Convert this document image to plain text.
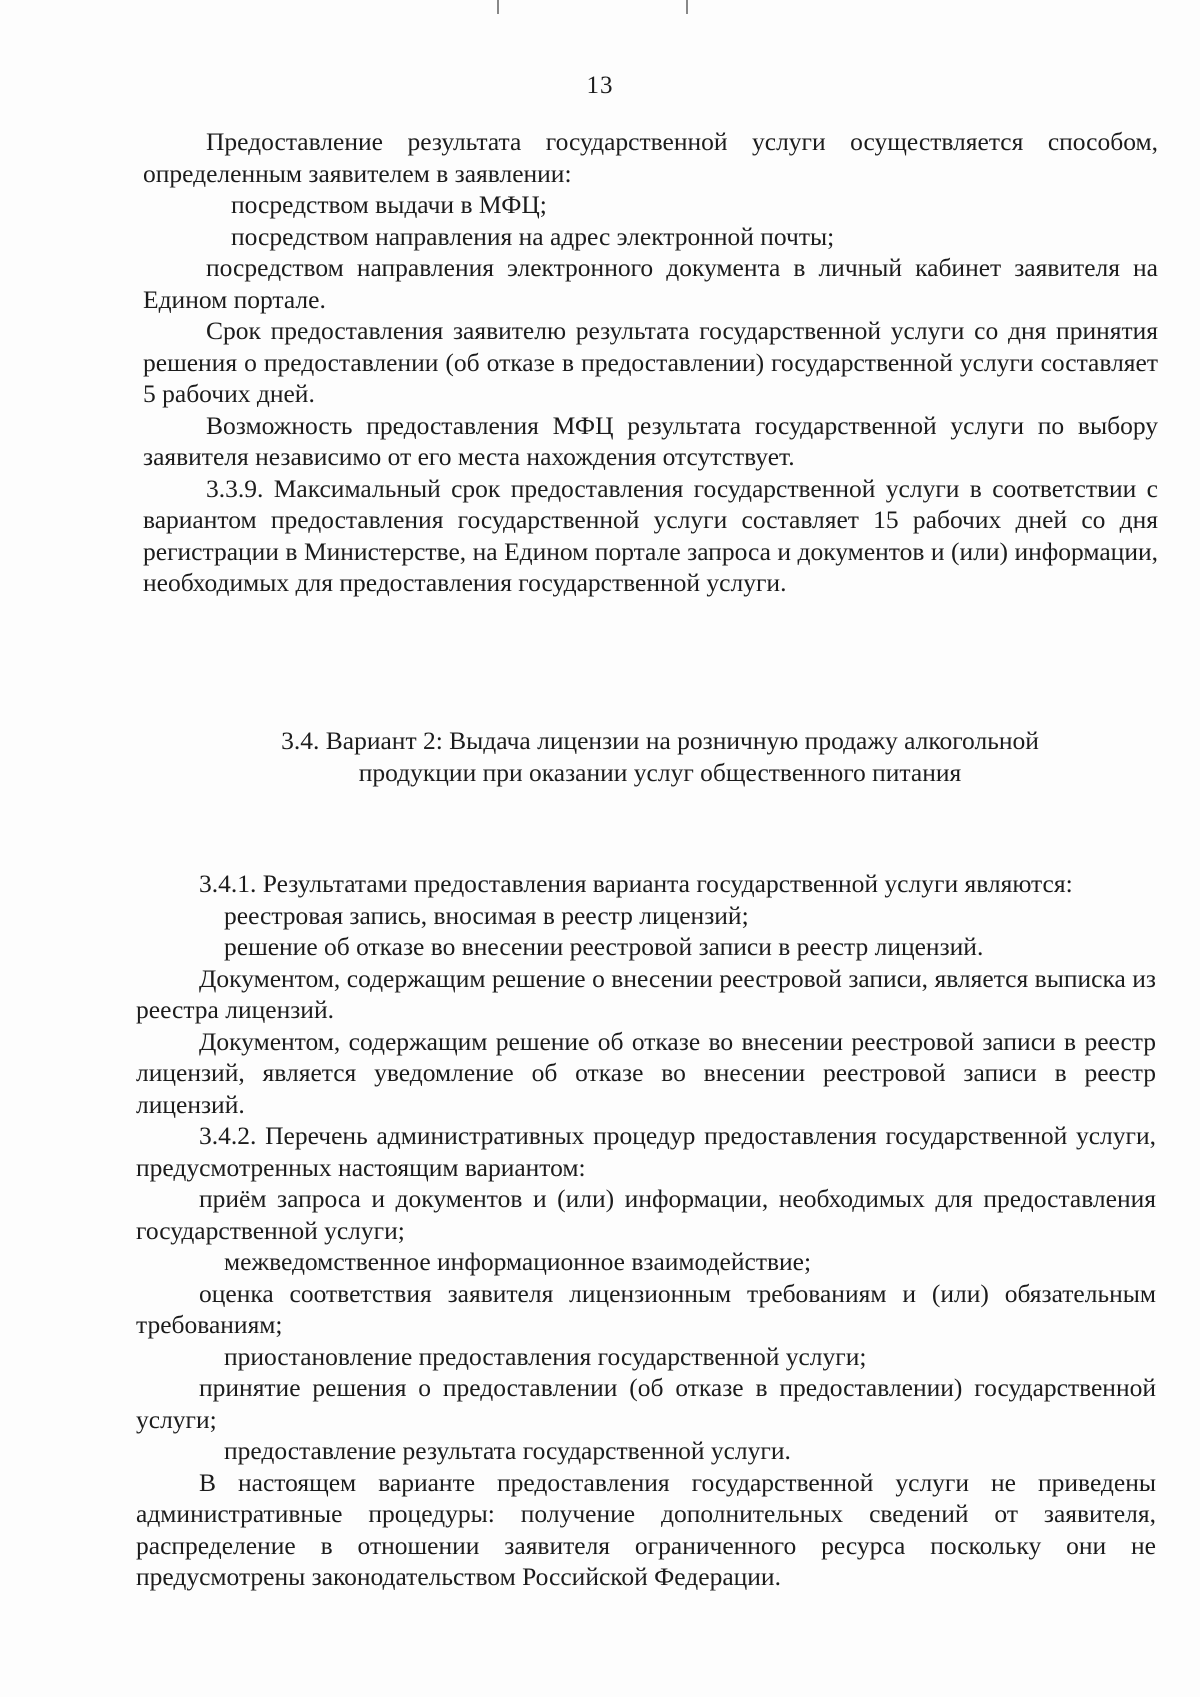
13

Предоставление результата государственной услуги осуществляется способом, определенным заявителем в заявлении:

посредством выдачи в МФЦ;

посредством направления на адрес электронной почты;

посредством направления электронного документа в личный кабинет заявителя на Едином портале.

Срок предоставления заявителю результата государственной услуги со дня принятия решения о предоставлении (об отказе в предоставлении) государственной услуги составляет 5 рабочих дней.

Возможность предоставления МФЦ результата государственной услуги по выбору заявителя независимо от его места нахождения отсутствует.

3.3.9. Максимальный срок предоставления государственной услуги в соответствии с вариантом предоставления государственной услуги составляет 15 рабочих дней со дня регистрации в Министерстве, на Едином портале запроса и документов и (или) информации, необходимых для предоставления государственной услуги.

3.4. Вариант 2: Выдача лицензии на розничную продажу алкогольной
продукции при оказании услуг общественного питания

3.4.1. Результатами предоставления варианта государственной услуги являются:

реестровая запись, вносимая в реестр лицензий;

решение об отказе во внесении реестровой записи в реестр лицензий.

Документом, содержащим решение о внесении реестровой записи, является выписка из реестра лицензий.

Документом, содержащим решение об отказе во внесении реестровой записи в реестр лицензий, является уведомление об отказе во внесении реестровой записи в реестр лицензий.

3.4.2. Перечень административных процедур предоставления государственной услуги, предусмотренных настоящим вариантом:

приём запроса и документов и (или) информации, необходимых для предоставления государственной услуги;

межведомственное информационное взаимодействие;

оценка соответствия заявителя лицензионным требованиям и (или) обязательным требованиям;

приостановление предоставления государственной услуги;

принятие решения о предоставлении (об отказе в предоставлении) государственной услуги;

предоставление результата государственной услуги.

В настоящем варианте предоставления государственной услуги не приведены административные процедуры: получение дополнительных сведений от заявителя, распределение в отношении заявителя ограниченного ресурса поскольку они не предусмотрены законодательством Российской Федерации.
